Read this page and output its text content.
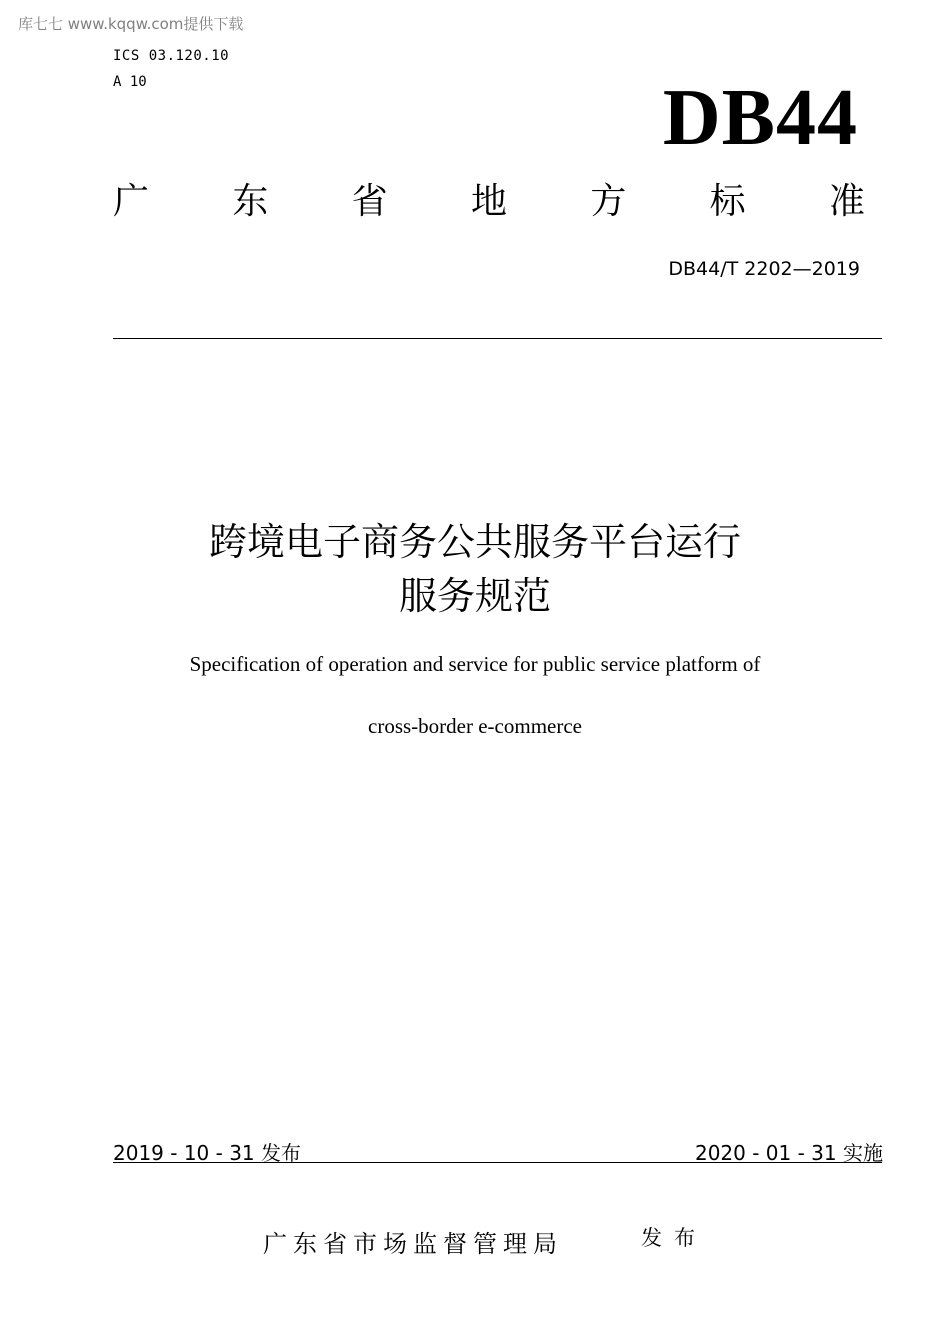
库七七 www.kqqw.com提供下载
ICS 03.120.10
A 10	DB44
广 东 省 地 方 标 准
DB44/T 2202—2019
跨境电子商务公共服务平台运行
服务规范
Specification of operation and service for public service platform of
cross-border e-commerce
2019 - 10 - 31 发布	2020 - 01 - 31 实施
广东省市场监督管理局	发布
